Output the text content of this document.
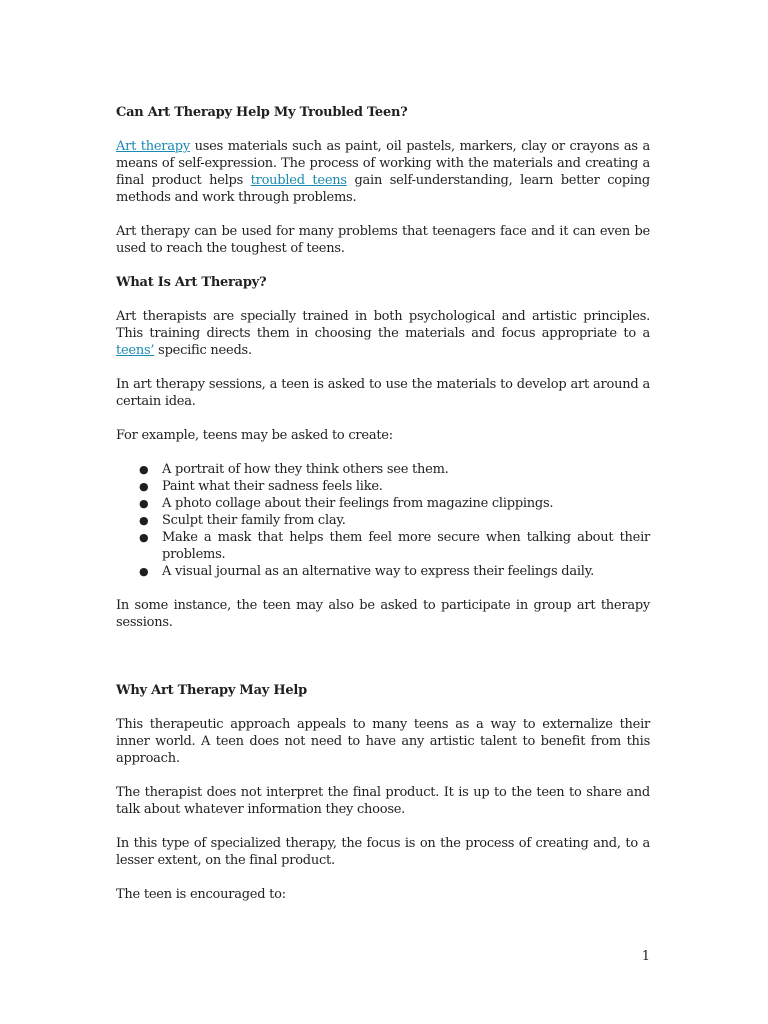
Can Art Therapy Help My Troubled Teen?

Art therapy uses materials such as paint, oil pastels, markers, clay or crayons as a means of self-expression. The process of working with the materials and creating a final product helps troubled teens gain self-understanding, learn better coping methods and work through problems.

Art therapy can be used for many problems that teenagers face and it can even be used to reach the toughest of teens.

What Is Art Therapy?

Art therapists are specially trained in both psychological and artistic principles. This training directs them in choosing the materials and focus appropriate to a teens’ specific needs.

In art therapy sessions, a teen is asked to use the materials to develop art around a certain idea.

For example, teens may be asked to create:

● A portrait of how they think others see them.
● Paint what their sadness feels like.
● A photo collage about their feelings from magazine clippings.
● Sculpt their family from clay.
● Make a mask that helps them feel more secure when talking about their problems.
● A visual journal as an alternative way to express their feelings daily.

In some instance, the teen may also be asked to participate in group art therapy sessions.

Why Art Therapy May Help

This therapeutic approach appeals to many teens as a way to externalize their inner world. A teen does not need to have any artistic talent to benefit from this approach.

The therapist does not interpret the final product. It is up to the teen to share and talk about whatever information they choose.

In this type of specialized therapy, the focus is on the process of creating and, to a lesser extent, on the final product.

The teen is encouraged to:

1
